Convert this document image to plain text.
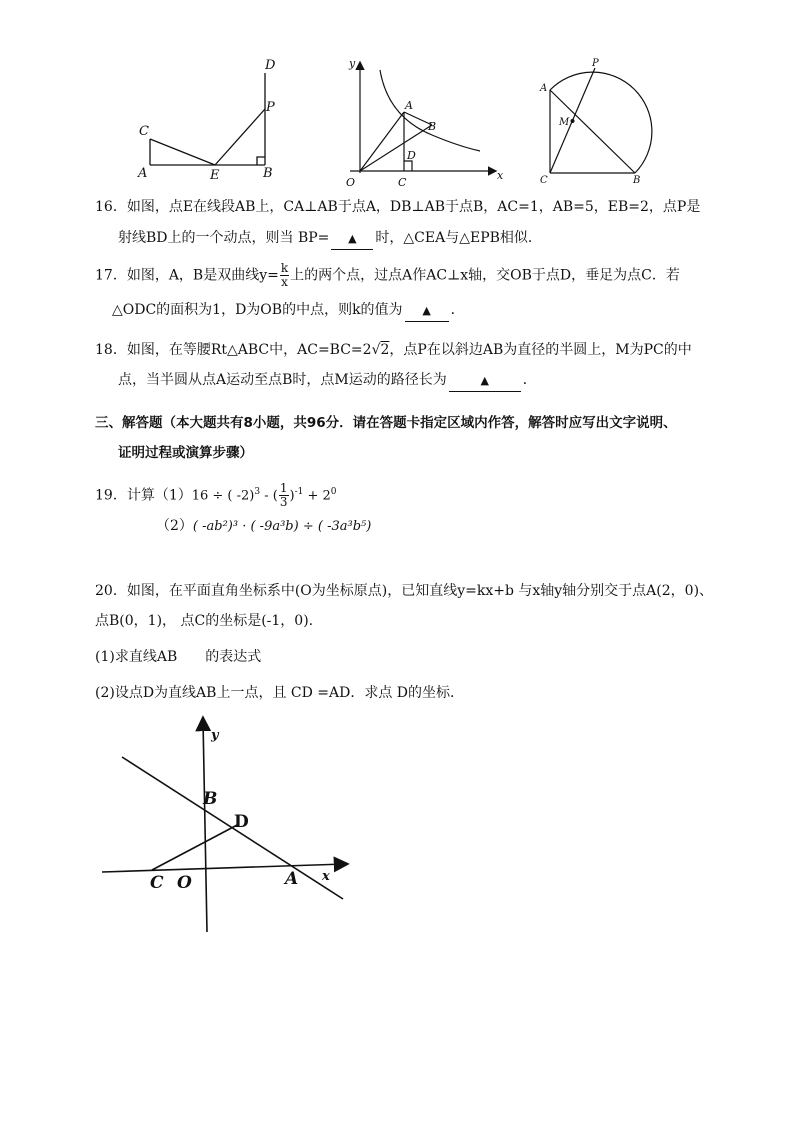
D
P
C
A	E	B
y
x
O
A
B
D
C
P
A
M
C	B
16．如图，点E在线段AB上，CA⊥AB于点A，DB⊥AB于点B，AC=1，AB=5，EB=2，点P是
射线BD上的一个动点，则当 BP= ▲ 时，△CEA与△EPB相似．
17．如图，A，B是双曲线$y= \frac{k}{x}$ 上的两个点，过点A作AC⊥x轴，交OB于点D，垂足为点C．若
△ODC的面积为1，D为OB的中点，则k的值为 ▲ ．
18．如图，在等腰Rt△ABC中，AC=BC=2√2，点P在以斜边AB为直径的半圆上，M为PC的中
点，当半圆从点A运动至点B时，点M运动的路径长为	▲ ．
三、解答题（本大题共有8小题，共96分．请在答题卡指定区域内作答，解答时应写出文字说明、
证明过程或演算步骤）
19．计算（1）16 ÷ ( -2)$^3$ - ( $\frac{1}{3} )^{-1} + 2^0$
（2）( -ab²)³ · ( -9a³b) ÷ ( -3a³b⁵)
20．如图，在平面直角坐标系中(O为坐标原点)，已知直线y=kx+b 与x轴y轴分别交于点A(2，0)、
点B(0，1)， 点C的坐标是(-1，0).
(1)求直线AB　　的表达式
(2)设点D为直线AB上一点，且 CD =AD．求点 D的坐标．
y
B
D
C O	A x
